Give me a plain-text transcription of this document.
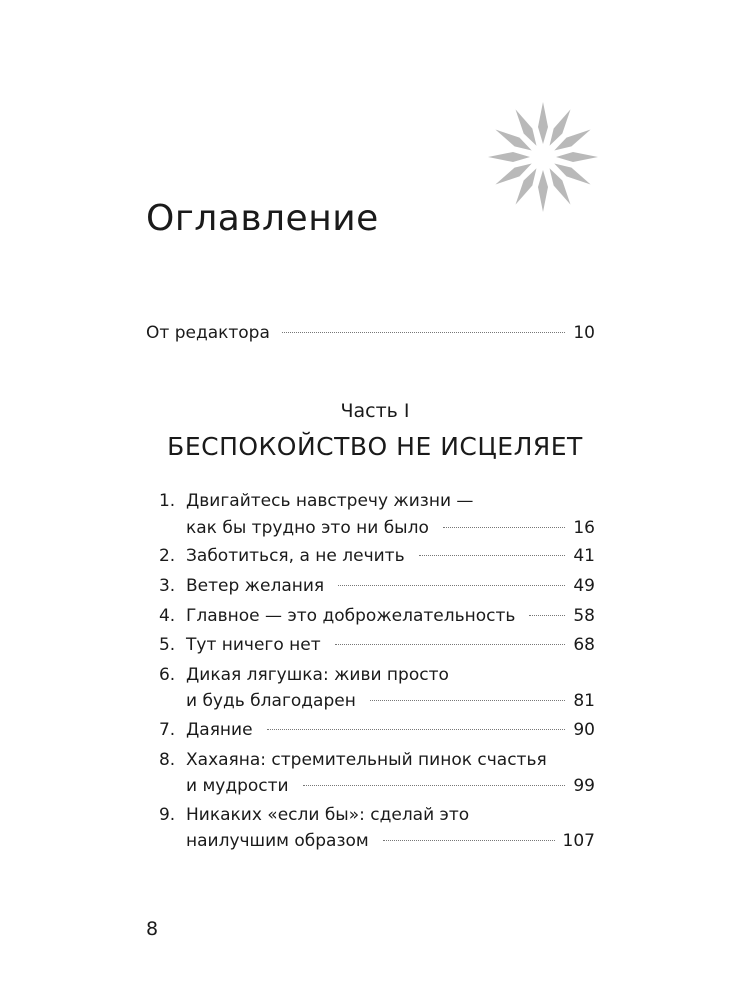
Оглавление
От редактора	10

Часть I

БЕСПОКОЙСТВО НЕ ИСЦЕЛЯЕТ
1. Двигайтесь навстречу жизни —
как бы трудно это ни было	16
2. Заботиться, а не лечить	41
3. Ветер желания	49
4. Главное — это доброжелательность	58
5. Тут ничего нет	68
6. Дикая лягушка: живи просто
и будь благодарен	81
7. Даяние	90
8. Хахаяна: стремительный пинок счастья
и мудрости	99
9. Никаких «если бы»: сделай это
наилучшим образом	107
8
